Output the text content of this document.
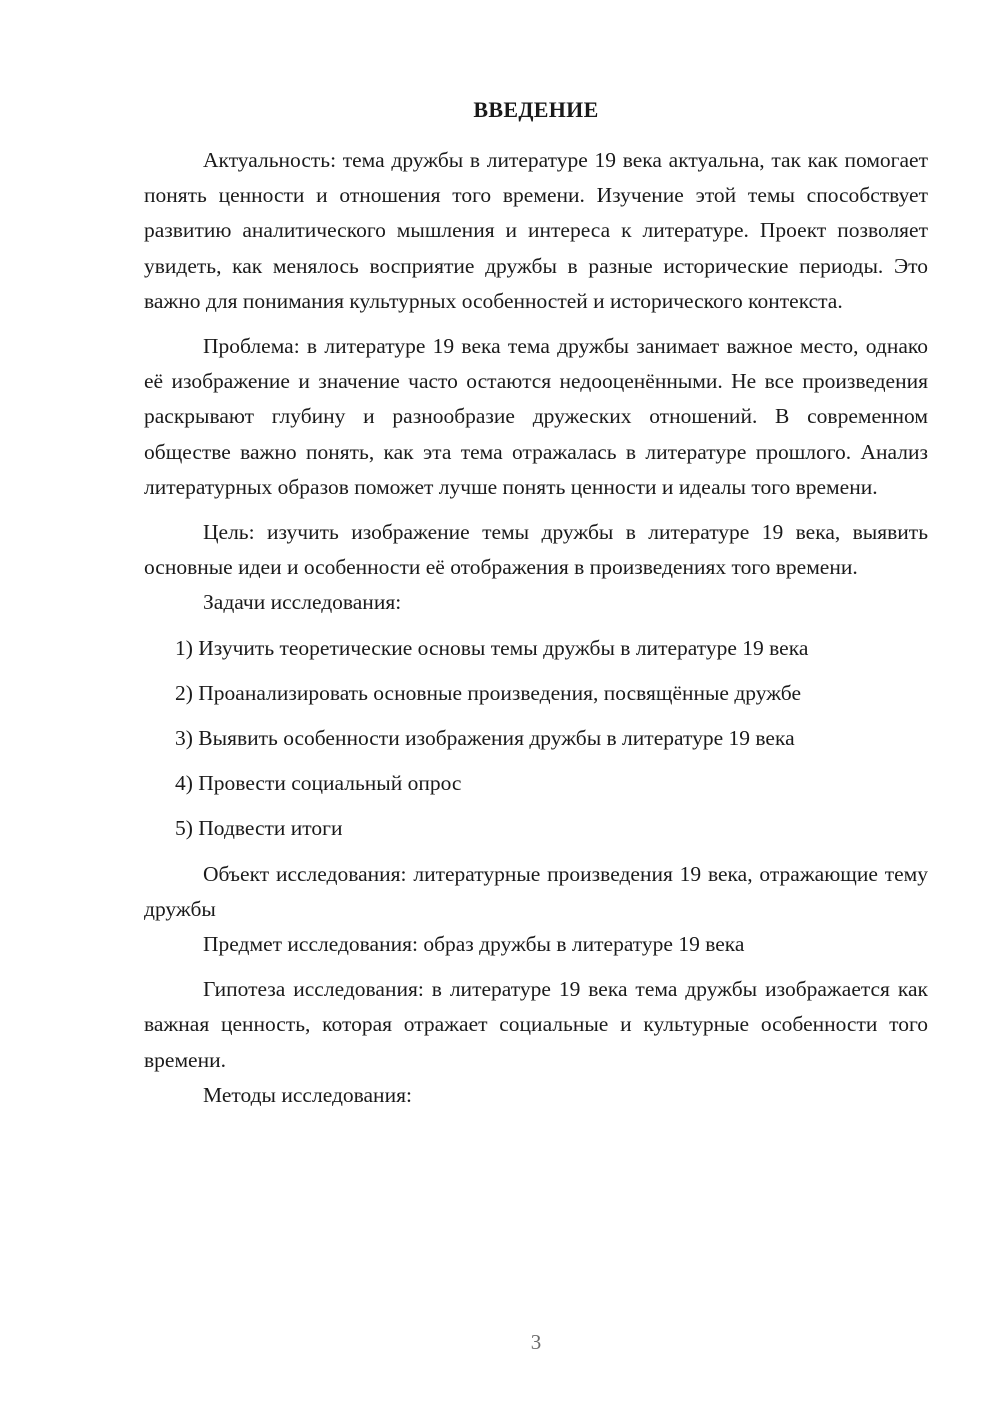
ВВЕДЕНИЕ

Актуальность: тема дружбы в литературе 19 века актуальна, так как помогает понять ценности и отношения того времени. Изучение этой темы способствует развитию аналитического мышления и интереса к литературе. Проект позволяет увидеть, как менялось восприятие дружбы в разные исторические периоды. Это важно для понимания культурных особенностей и исторического контекста.

Проблема: в литературе 19 века тема дружбы занимает важное место, однако её изображение и значение часто остаются недооценёнными. Не все произведения раскрывают глубину и разнообразие дружеских отношений. В современном обществе важно понять, как эта тема отражалась в литературе прошлого. Анализ литературных образов поможет лучше понять ценности и идеалы того времени.

Цель: изучить изображение темы дружбы в литературе 19 века, выявить основные идеи и особенности её отображения в произведениях того времени.

Задачи исследования:

1) Изучить теоретические основы темы дружбы в литературе 19 века
2) Проанализировать основные произведения, посвящённые дружбе
3) Выявить особенности изображения дружбы в литературе 19 века
4) Провести социальный опрос
5) Подвести итоги

Объект исследования: литературные произведения 19 века, отражающие тему дружбы

Предмет исследования: образ дружбы в литературе 19 века

Гипотеза исследования: в литературе 19 века тема дружбы изображается как важная ценность, которая отражает социальные и культурные особенности того времени.

Методы исследования:

3
